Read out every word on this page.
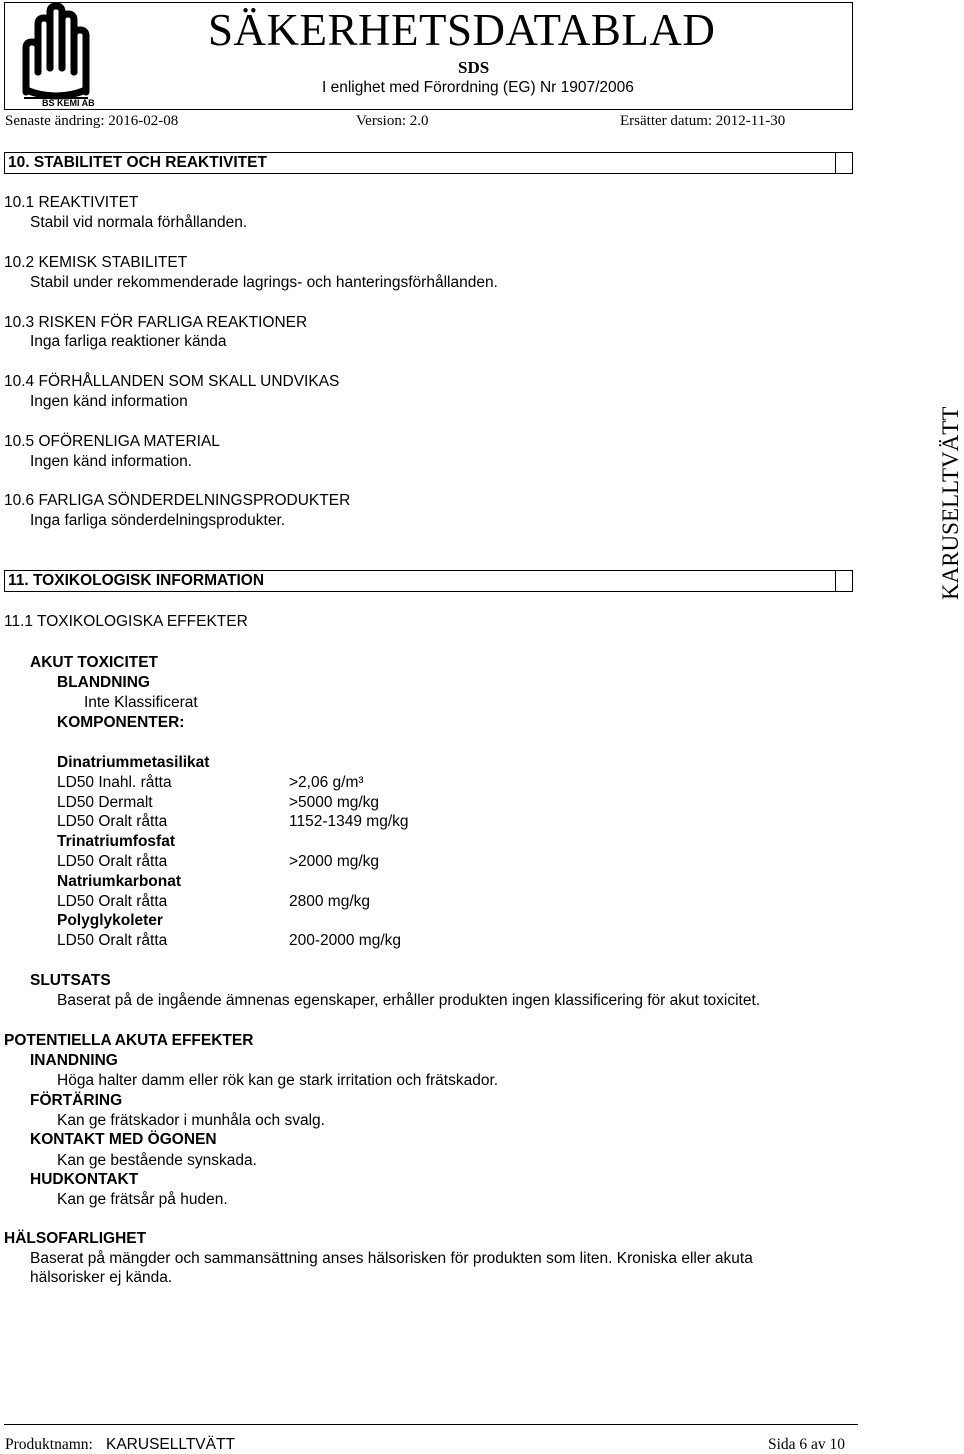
BS KEMI AB
SÄKERHETSDATABLAD
SDS
I enlighet med Förordning (EG) Nr 1907/2006
Senaste ändring: 2016-02-08	Version: 2.0	Ersätter datum: 2012-11-30
10. STABILITET OCH REAKTIVITET
10.1 REAKTIVITET
Stabil vid normala förhållanden.
10.2 KEMISK STABILITET
Stabil under rekommenderade lagrings- och hanteringsförhållanden.
10.3 RISKEN FÖR FARLIGA REAKTIONER
Inga farliga reaktioner kända
10.4 FÖRHÅLLANDEN SOM SKALL UNDVIKAS
Ingen känd information
10.5 OFÖRENLIGA MATERIAL
Ingen känd information.
10.6 FARLIGA SÖNDERDELNINGSPRODUKTER
Inga farliga sönderdelningsprodukter.
11. TOXIKOLOGISK INFORMATION
11.1 TOXIKOLOGISKA EFFEKTER
AKUT TOXICITET
BLANDNING
Inte Klassificerat
KOMPONENTER:
Dinatriummetasilikat
LD50 Inahl. råtta	>2,06 g/m³
LD50 Dermalt	>5000 mg/kg
LD50 Oralt råtta	1152-1349 mg/kg
Trinatriumfosfat
LD50 Oralt råtta	>2000 mg/kg
Natriumkarbonat
LD50 Oralt råtta	2800 mg/kg
Polyglykoleter
LD50 Oralt råtta	200-2000 mg/kg
SLUTSATS
Baserat på de ingående ämnenas egenskaper, erhåller produkten ingen klassificering för akut toxicitet.
POTENTIELLA AKUTA EFFEKTER
INANDNING
Höga halter damm eller rök kan ge stark irritation och frätskador.
FÖRTÄRING
Kan ge frätskador i munhåla och svalg.
KONTAKT MED ÖGONEN
Kan ge bestående synskada.
HUDKONTAKT
Kan ge frätsår på huden.
HÄLSOFARLIGHET
Baserat på mängder och sammansättning anses hälsorisken för produkten som liten. Kroniska eller akuta
hälsorisker ej kända.
KARUSELLTVÄTT
Produktnamn: KARUSELLTVÄTT	Sida 6 av 10
